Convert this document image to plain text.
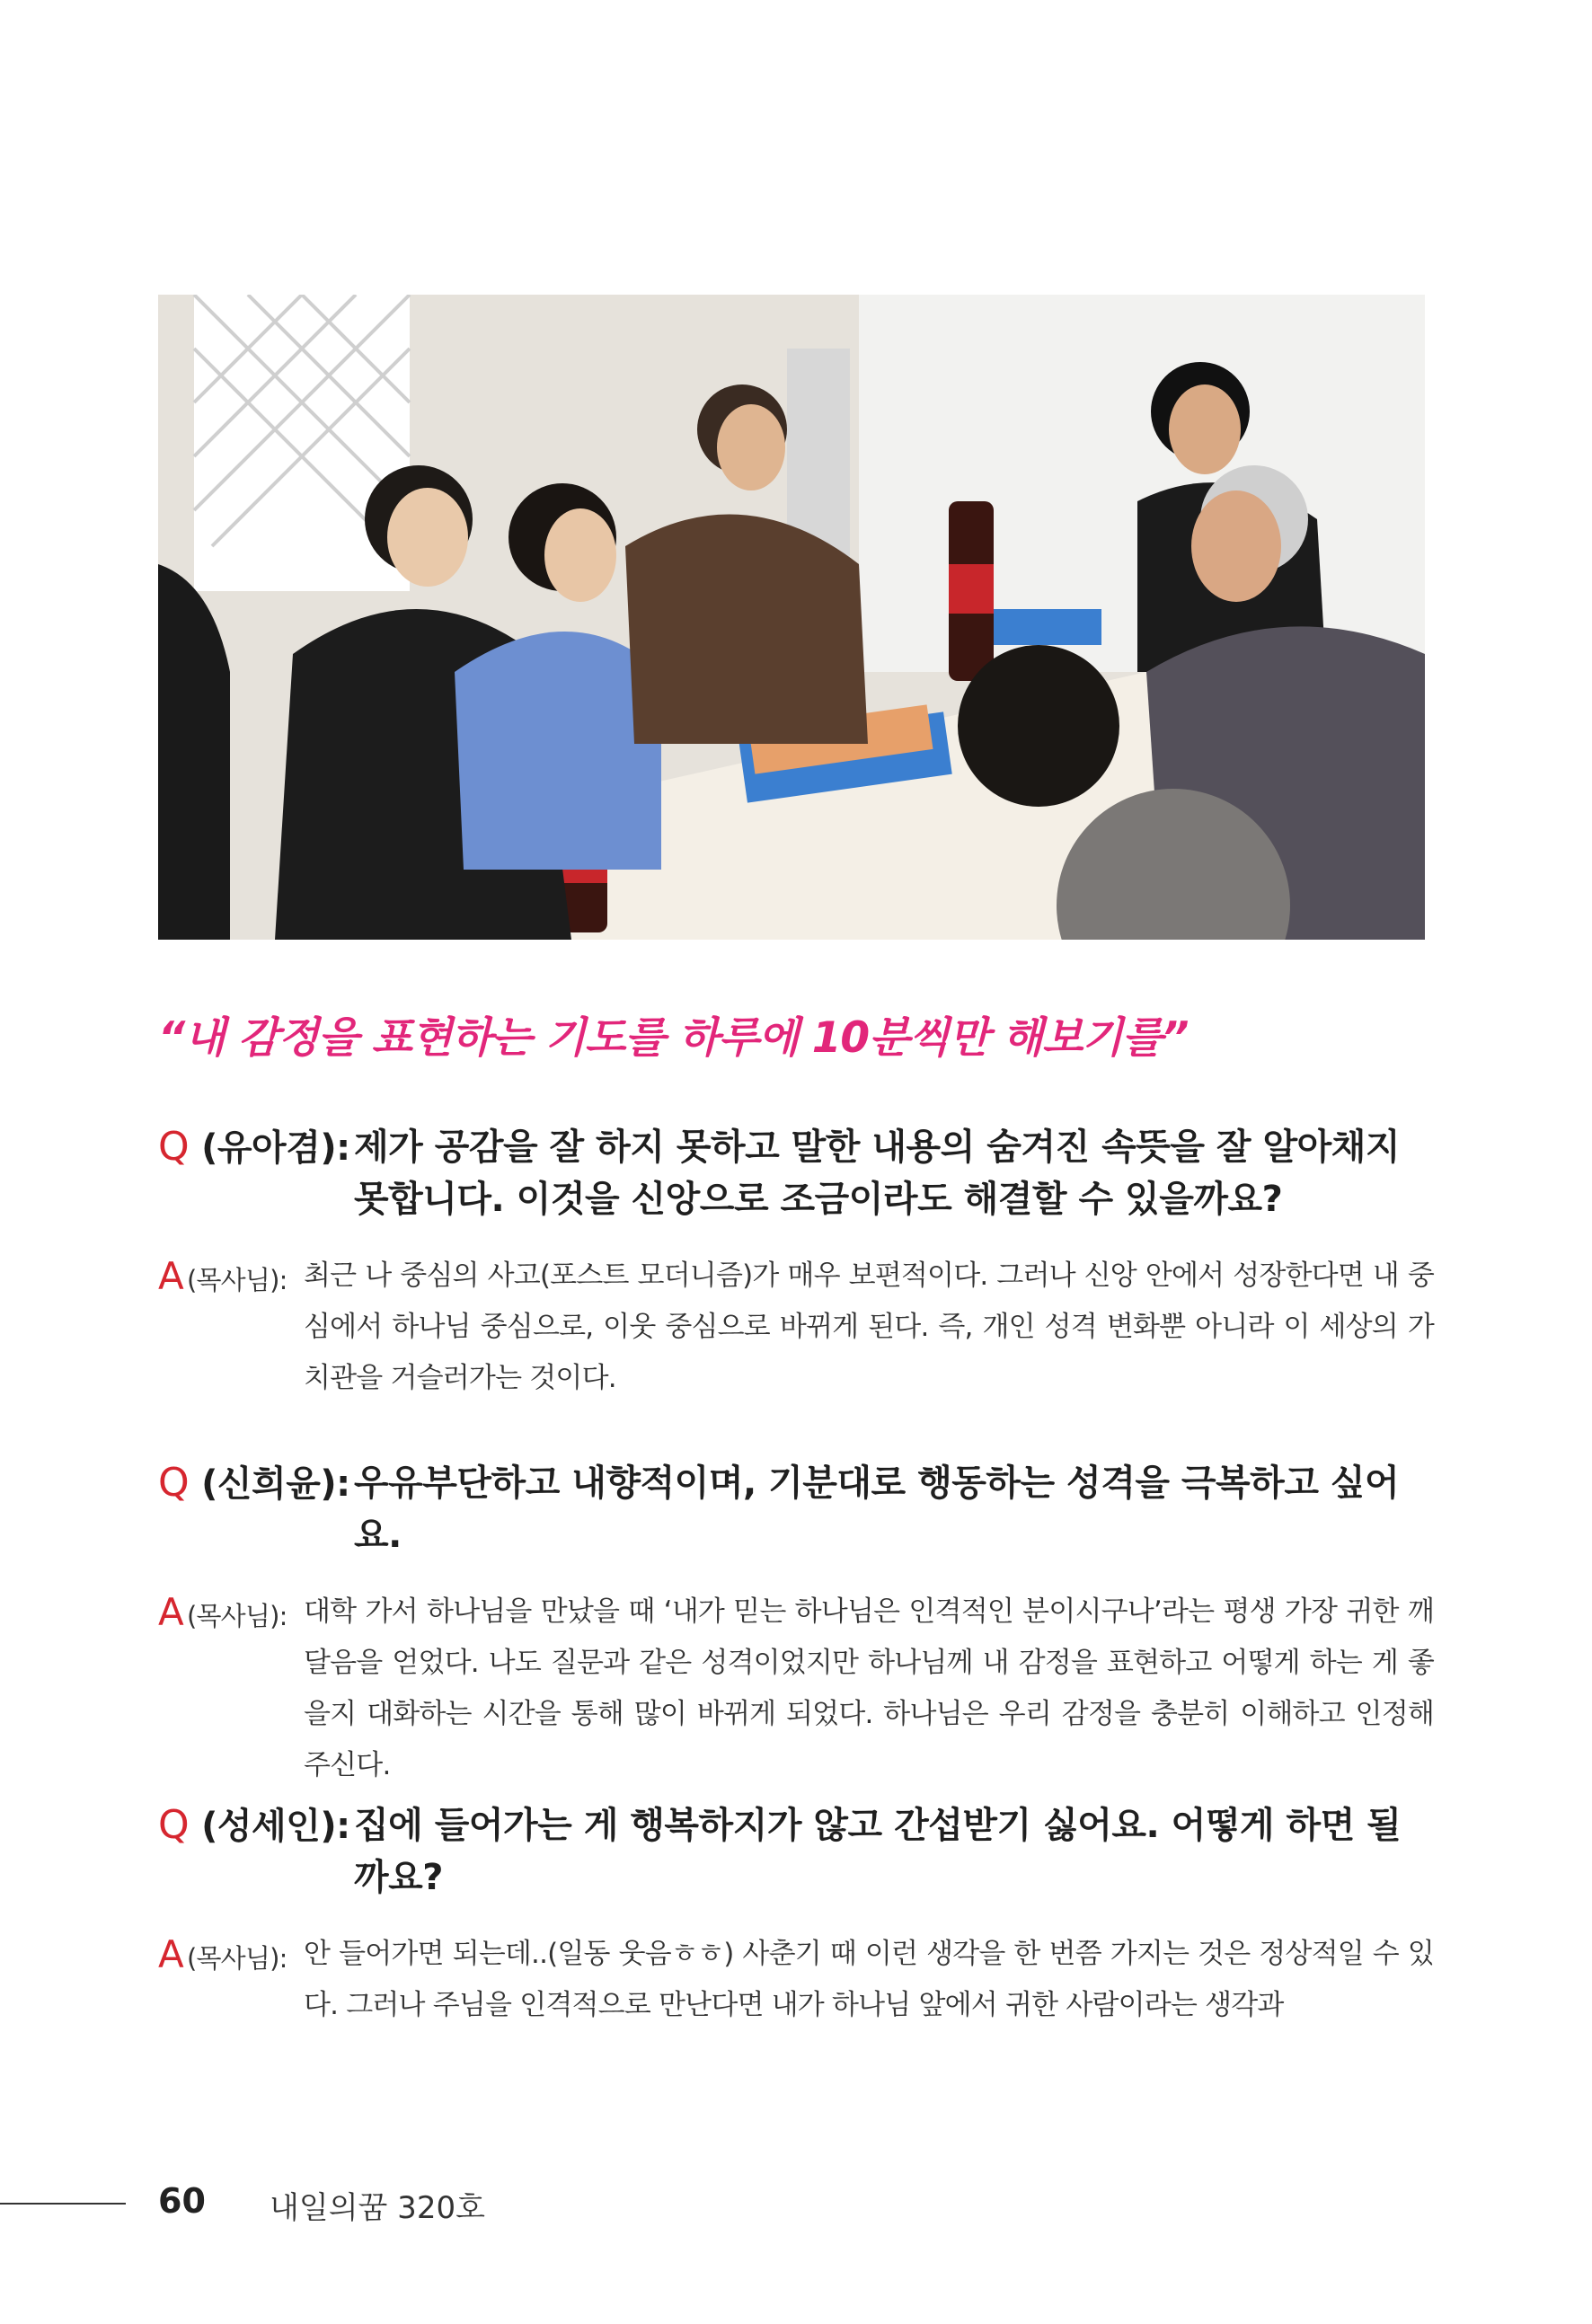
“내 감정을 표현하는 기도를 하루에 10분씩만 해보기를”
Q (유아겸): 제가 공감을 잘 하지 못하고 말한 내용의 숨겨진 속뜻을 잘 알아채지 못합니다. 이것을 신앙으로 조금이라도 해결할 수 있을까요?
A (목사님): 최근 나 중심의 사고(포스트 모더니즘)가 매우 보편적이다. 그러나 신앙 안에서 성장한다면 내 중심에서 하나님 중심으로, 이웃 중심으로 바뀌게 된다. 즉, 개인 성격 변화뿐 아니라 이 세상의 가치관을 거슬러가는 것이다.
Q (신희윤): 우유부단하고 내향적이며, 기분대로 행동하는 성격을 극복하고 싶어요.
A (목사님): 대학 가서 하나님을 만났을 때 ‘내가 믿는 하나님은 인격적인 분이시구나’라는 평생 가장 귀한 깨달음을 얻었다. 나도 질문과 같은 성격이었지만 하나님께 내 감정을 표현하고 어떻게 하는 게 좋을지 대화하는 시간을 통해 많이 바뀌게 되었다. 하나님은 우리 감정을 충분히 이해하고 인정해 주신다.
Q (성세인): 집에 들어가는 게 행복하지가 않고 간섭받기 싫어요. 어떻게 하면 될까요?
A (목사님): 안 들어가면 되는데..(일동 웃음ㅎㅎ) 사춘기 때 이런 생각을 한 번쯤 가지는 것은 정상적일 수 있다. 그러나 주님을 인격적으로 만난다면 내가 하나님 앞에서 귀한 사람이라는 생각과
60 내일의꿈 320호
